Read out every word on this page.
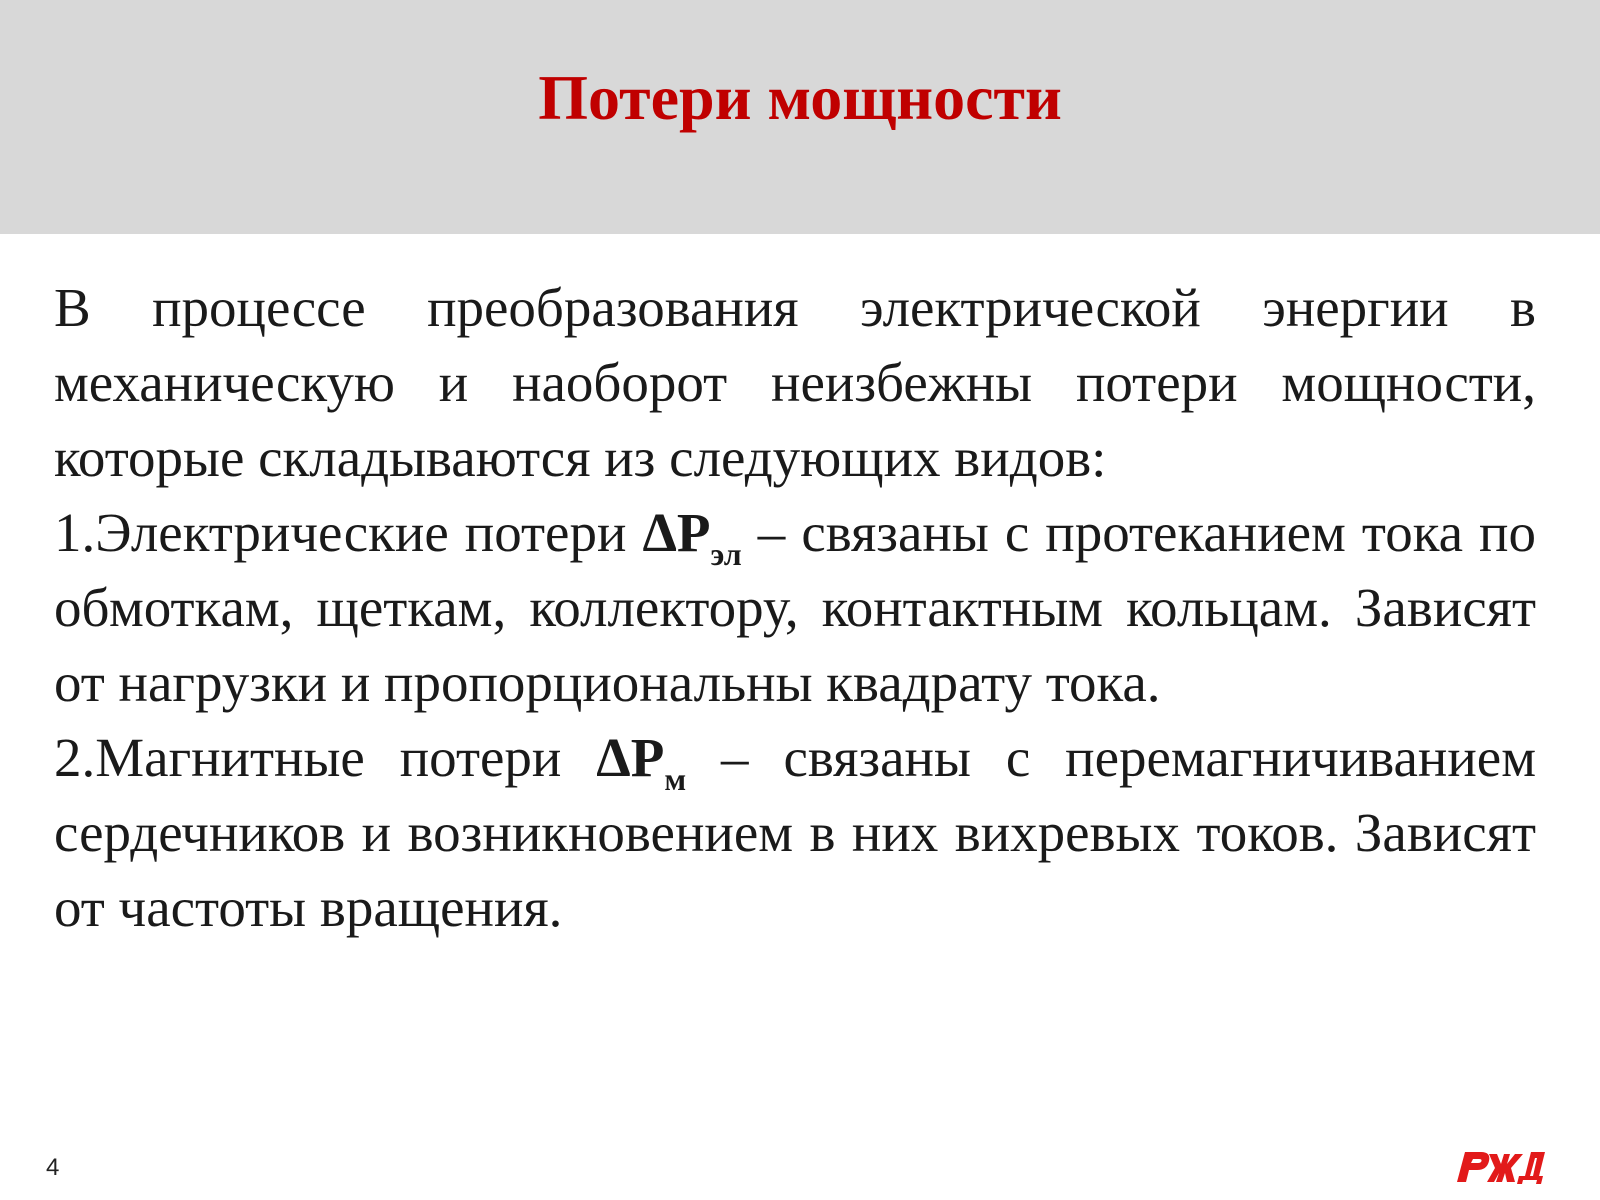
Потери мощности

В процессе преобразования электрической энергии в механическую и наоборот неизбежны потери мощности, которые складываются из следующих видов:

1.Электрические потери $\Delta P_{эл}$ – связаны с протеканием тока по обмоткам, щеткам, коллектору, контактным кольцам. Зависят от нагрузки и пропорциональны квадрату тока.

2.Магнитные потери $\Delta P_м$ – связаны с перемагничиванием сердечников и возникновением в них вихревых токов. Зависят от частоты вращения.

4
